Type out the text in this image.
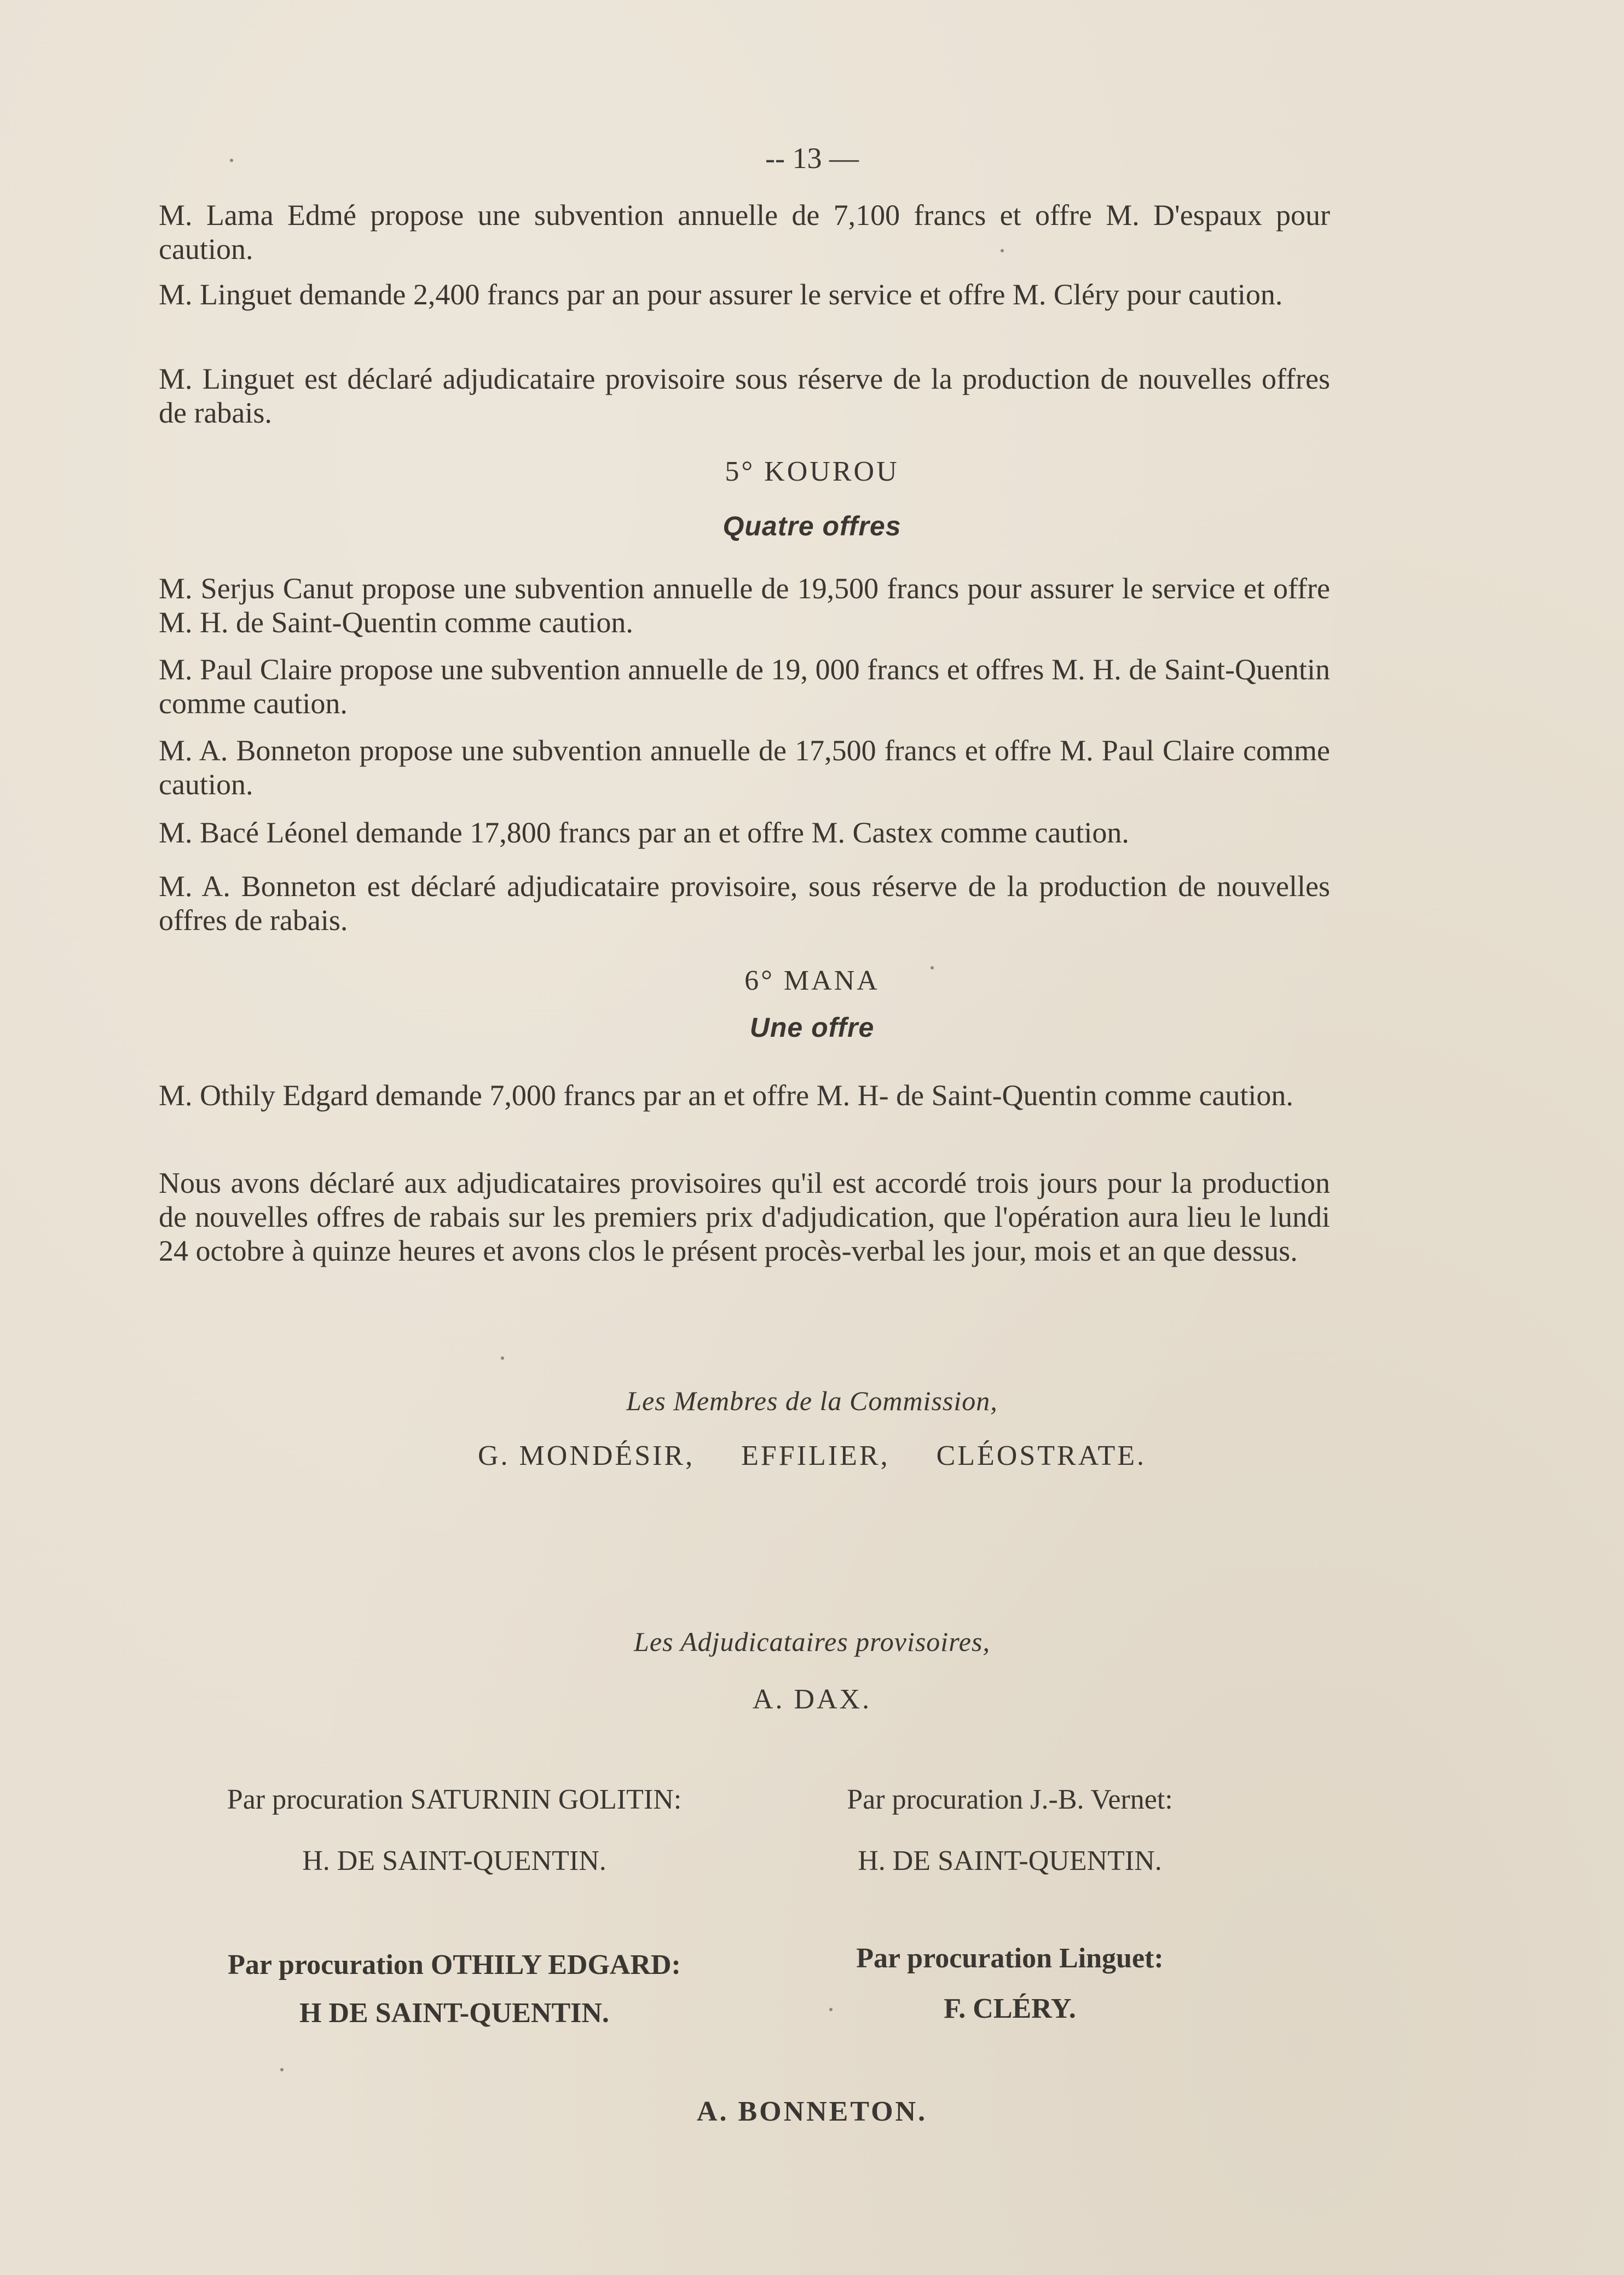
-- 13 —
M. Lama Edmé propose une subvention annuelle de 7,100 francs et offre M. D'espaux pour caution.
M. Linguet demande 2,400 francs par an pour assurer le service et offre M. Cléry pour caution.
M. Linguet est déclaré adjudicataire provisoire sous réserve de la production de nouvelles offres de rabais.
5° KOUROU
Quatre offres
M. Serjus Canut propose une subvention annuelle de 19,500 francs pour assurer le service et offre M. H. de Saint-Quentin comme caution.
M. Paul Claire propose une subvention annuelle de 19, 000 francs et offres M. H. de Saint-Quentin comme caution.
M. A. Bonneton propose une subvention annuelle de 17,500 francs et offre M. Paul Claire comme caution.
M. Bacé Léonel demande 17,800 francs par an et offre M. Castex comme caution.
M. A. Bonneton est déclaré adjudicataire provisoire, sous réserve de la production de nouvelles offres de rabais.
6° MANA
Une offre
M. Othily Edgard demande 7,000 francs par an et offre M. H- de Saint-Quentin comme caution.
Nous avons déclaré aux adjudicataires provisoires qu'il est accordé trois jours pour la production de nouvelles offres de rabais sur les premiers prix d'adjudication, que l'opération aura lieu le lundi 24 octobre à quinze heures et avons clos le présent procès-verbal les jour, mois et an que dessus.
Les Membres de la Commission,
G. MONDÉSIR,     EFFILIER,     CLÉOSTRATE.
Les Adjudicataires provisoires,
A. DAX.
Par procuration SATURNIN GOLITIN:
H. DE SAINT-QUENTIN.
Par procuration J.-B. Vernet:
H. DE SAINT-QUENTIN.
Par procuration OTHILY EDGARD:
H DE SAINT-QUENTIN.
Par procuration Linguet:
F. CLÉRY.
A. BONNETON.
